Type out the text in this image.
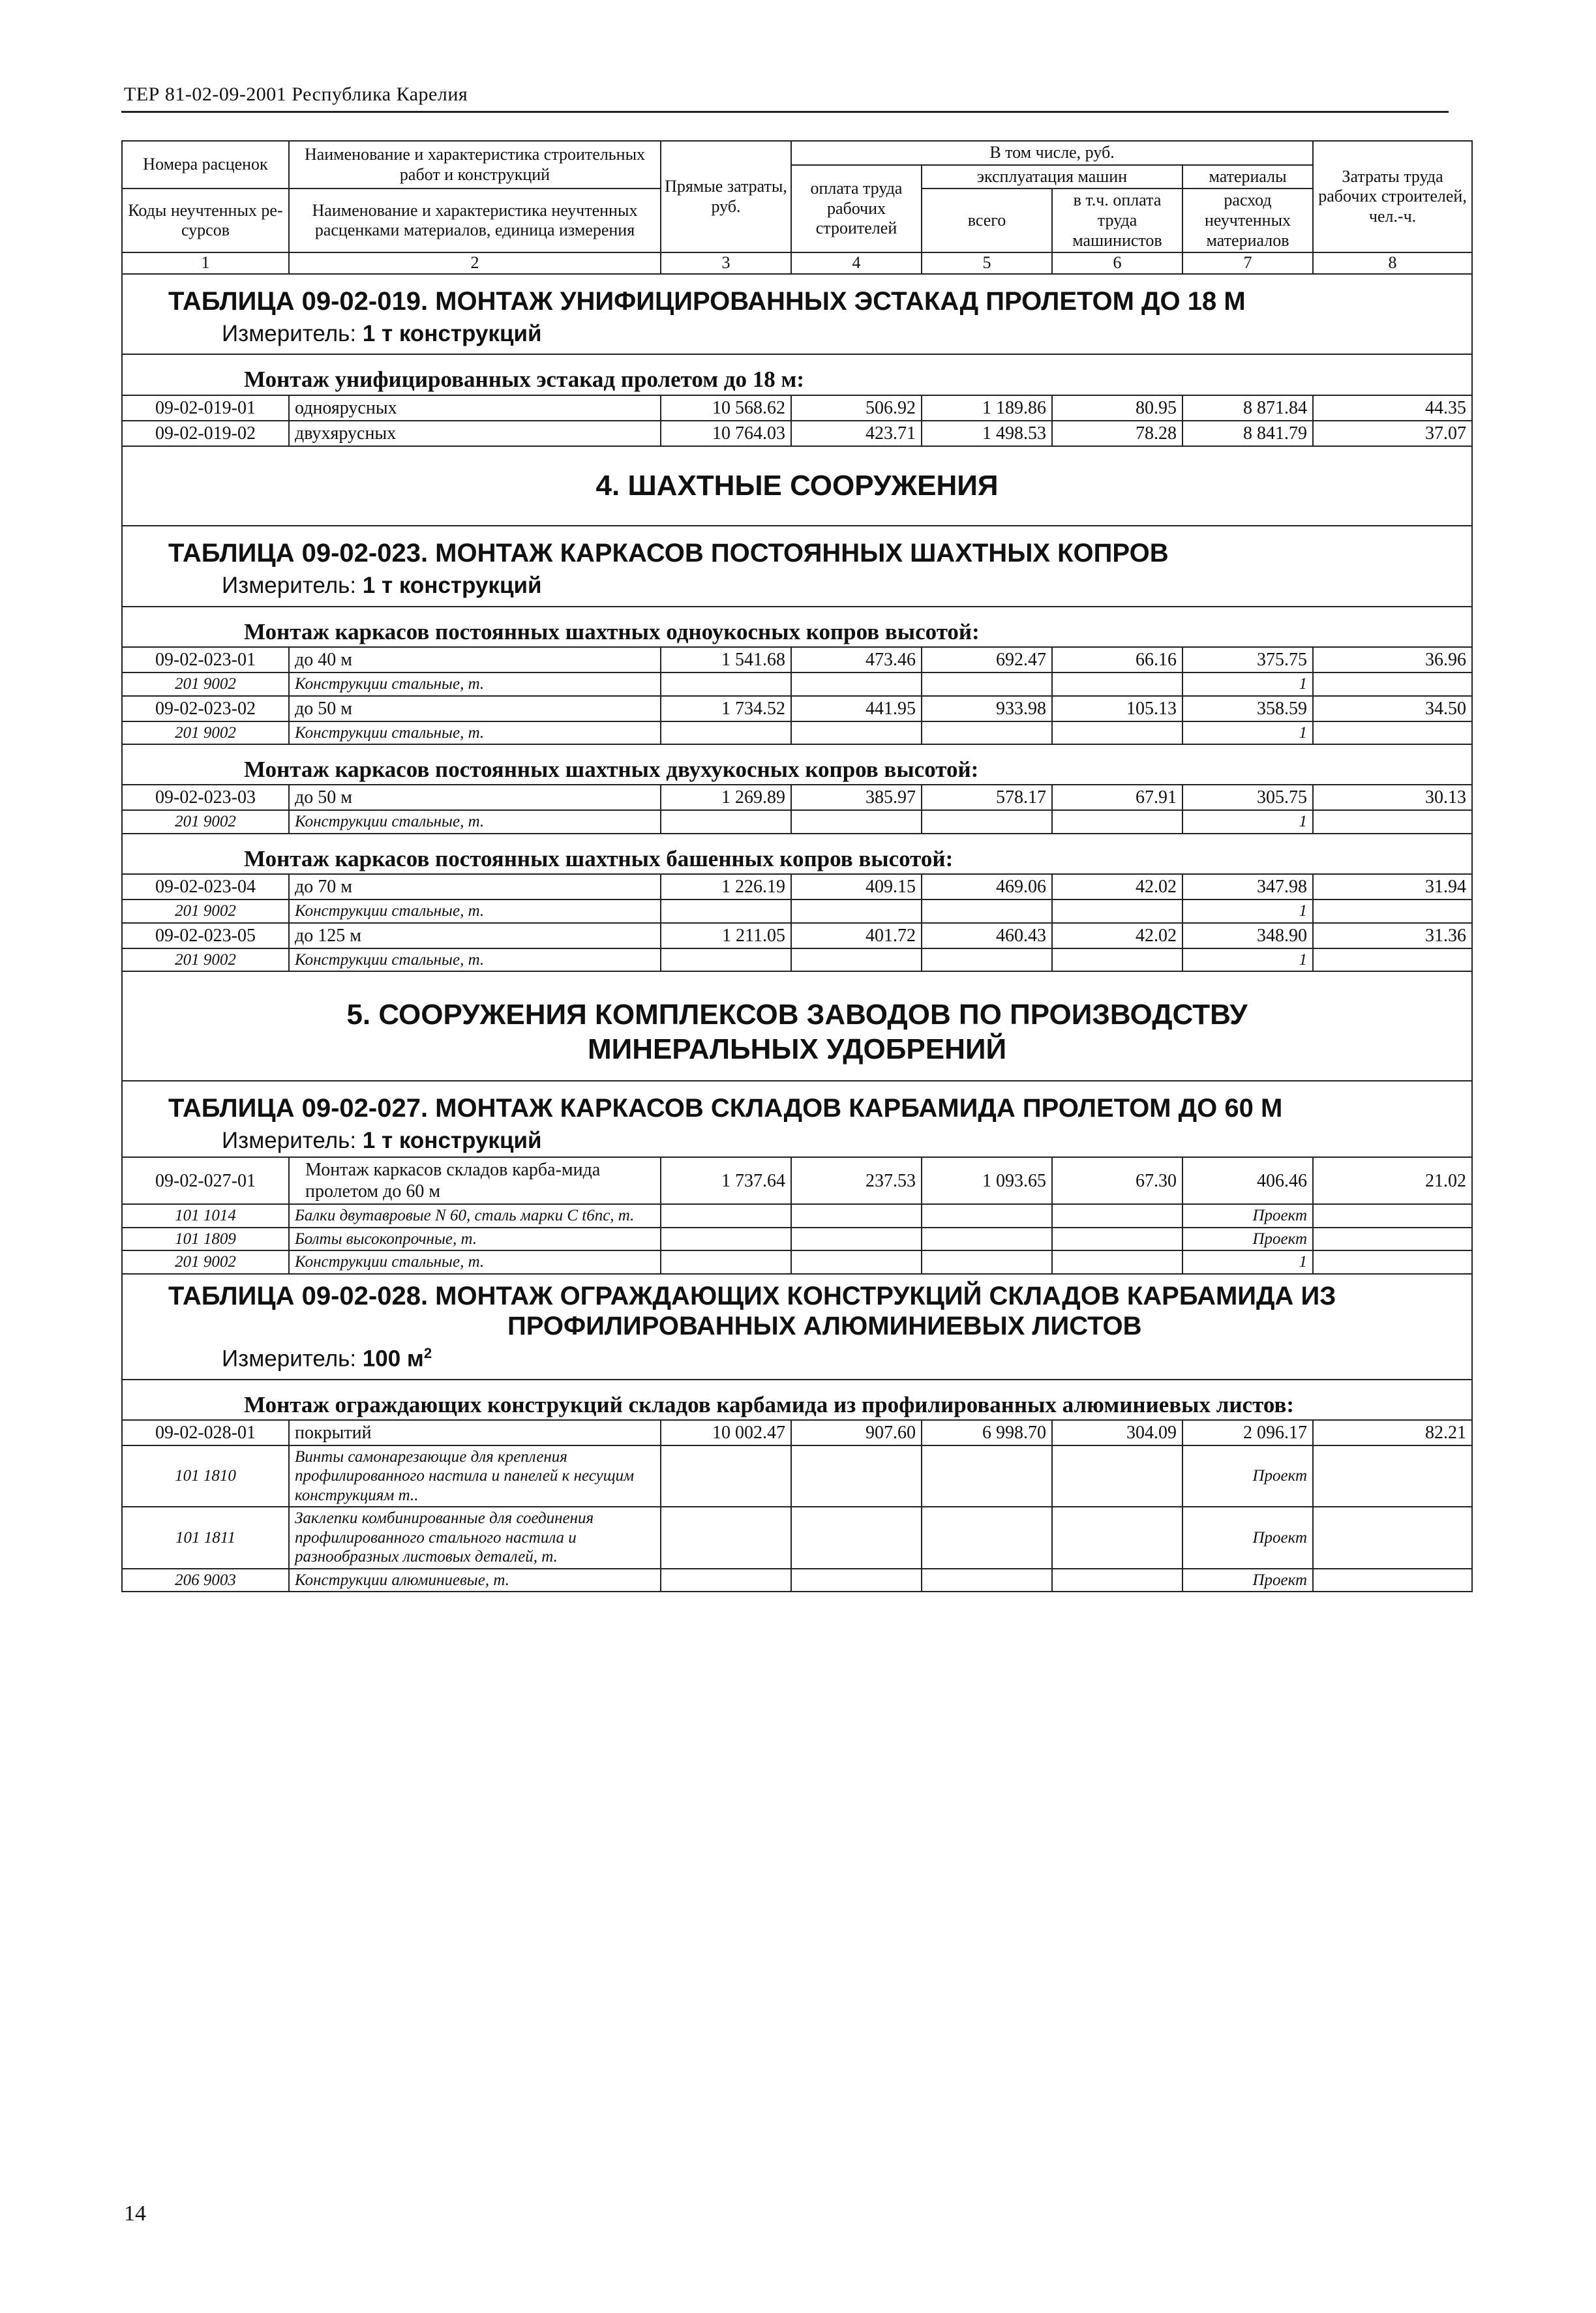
ТЕР 81-02-09-2001 Республика Карелия
Номера расценок	Наименование и характеристика строительных работ и конструкций	Прямые затраты, руб.	В том числе, руб.				Затраты труда рабочих строителей, чел.-ч.
			оплата труда рабочих строителей	эксплуатация машин		материалы	
Коды неучтенных ре-сурсов	Наименование и характеристика неучтенных расценками материалов, единица измерения			всего	в т.ч. оплата труда машинистов	расход неучтенных материалов	

1	2	3	4	5	6	7	8
ТАБЛИЦА 09-02-019. МОНТАЖ УНИФИЦИРОВАННЫХ ЭСТАКАД ПРОЛЕТОМ ДО 18 М							
Измеритель: 1 т конструкций							
Монтаж унифицированных эстакад пролетом до 18 м:							
09-02-019-01	одноярусных	10 568.62	506.92	1 189.86	80.95	8 871.84	44.35
09-02-019-02	двухярусных	10 764.03	423.71	1 498.53	78.28	8 841.79	37.07
4. ШАХТНЫЕ СООРУЖЕНИЯ							
ТАБЛИЦА 09-02-023. МОНТАЖ КАРКАСОВ ПОСТОЯННЫХ ШАХТНЫХ КОПРОВ							
Измеритель: 1 т конструкций							
Монтаж каркасов постоянных шахтных одноукосных копров высотой:							
09-02-023-01	до 40 м	1 541.68	473.46	692.47	66.16	375.75	36.96
201 9002	Конструкции стальные, т.					1	
09-02-023-02	до 50 м	1 734.52	441.95	933.98	105.13	358.59	34.50
201 9002	Конструкции стальные, т.					1	
Монтаж каркасов постоянных шахтных двухукосных копров высотой:							
09-02-023-03	до 50 м	1 269.89	385.97	578.17	67.91	305.75	30.13
201 9002	Конструкции стальные, т.					1	
Монтаж каркасов постоянных шахтных башенных копров высотой:							
09-02-023-04	до 70 м	1 226.19	409.15	469.06	42.02	347.98	31.94
201 9002	Конструкции стальные, т.					1	
09-02-023-05	до 125 м	1 211.05	401.72	460.43	42.02	348.90	31.36
201 9002	Конструкции стальные, т.					1	

5. СООРУЖЕНИЯ КОМПЛЕКСОВ ЗАВОДОВ ПО ПРОИЗВОДСТВУ
МИНЕРАЛЬНЫХ УДОБРЕНИЙ							

ТАБЛИЦА 09-02-027. МОНТАЖ КАРКАСОВ СКЛАДОВ КАРБАМИДА ПРОЛЕТОМ ДО 60 М							
Измеритель: 1 т конструкций							
09-02-027-01	Монтаж каркасов складов карба-мида пролетом до 60 м	1 737.64	237.53	1 093.65	67.30	406.46	21.02
101 1014	Балки двутавровые N 60, сталь марки С t6nc, т.					Проект	
101 1809	Болты высокопрочные, т.					Проект	
201 9002	Конструкции стальные, т.					1	

ТАБЛИЦА 09-02-028. МОНТАЖ ОГРАЖДАЮЩИХ КОНСТРУКЦИЙ СКЛАДОВ КАРБАМИДА ИЗ
ПРОФИЛИРОВАННЫХ АЛЮМИНИЕВЫХ ЛИСТОВ							

Измеритель: 100 $м^2$
Монтаж ограждающих конструкций складов карбамида из профилированных алюминиевых листов:							
09-02-028-01	покрытий	10 002.47	907.60	6 998.70	304.09	2 096.17	82.21
101 1810	Винты самонарезающие для крепления профилированного настила и панелей к несущим конструкциям т..					Проект	
101 1811	Заклепки комбинированные для соединения профилированного стального настила и разнообразных листовых деталей, т.					Проект	
206 9003	Конструкции алюминиевые, т.					Проект	
14
